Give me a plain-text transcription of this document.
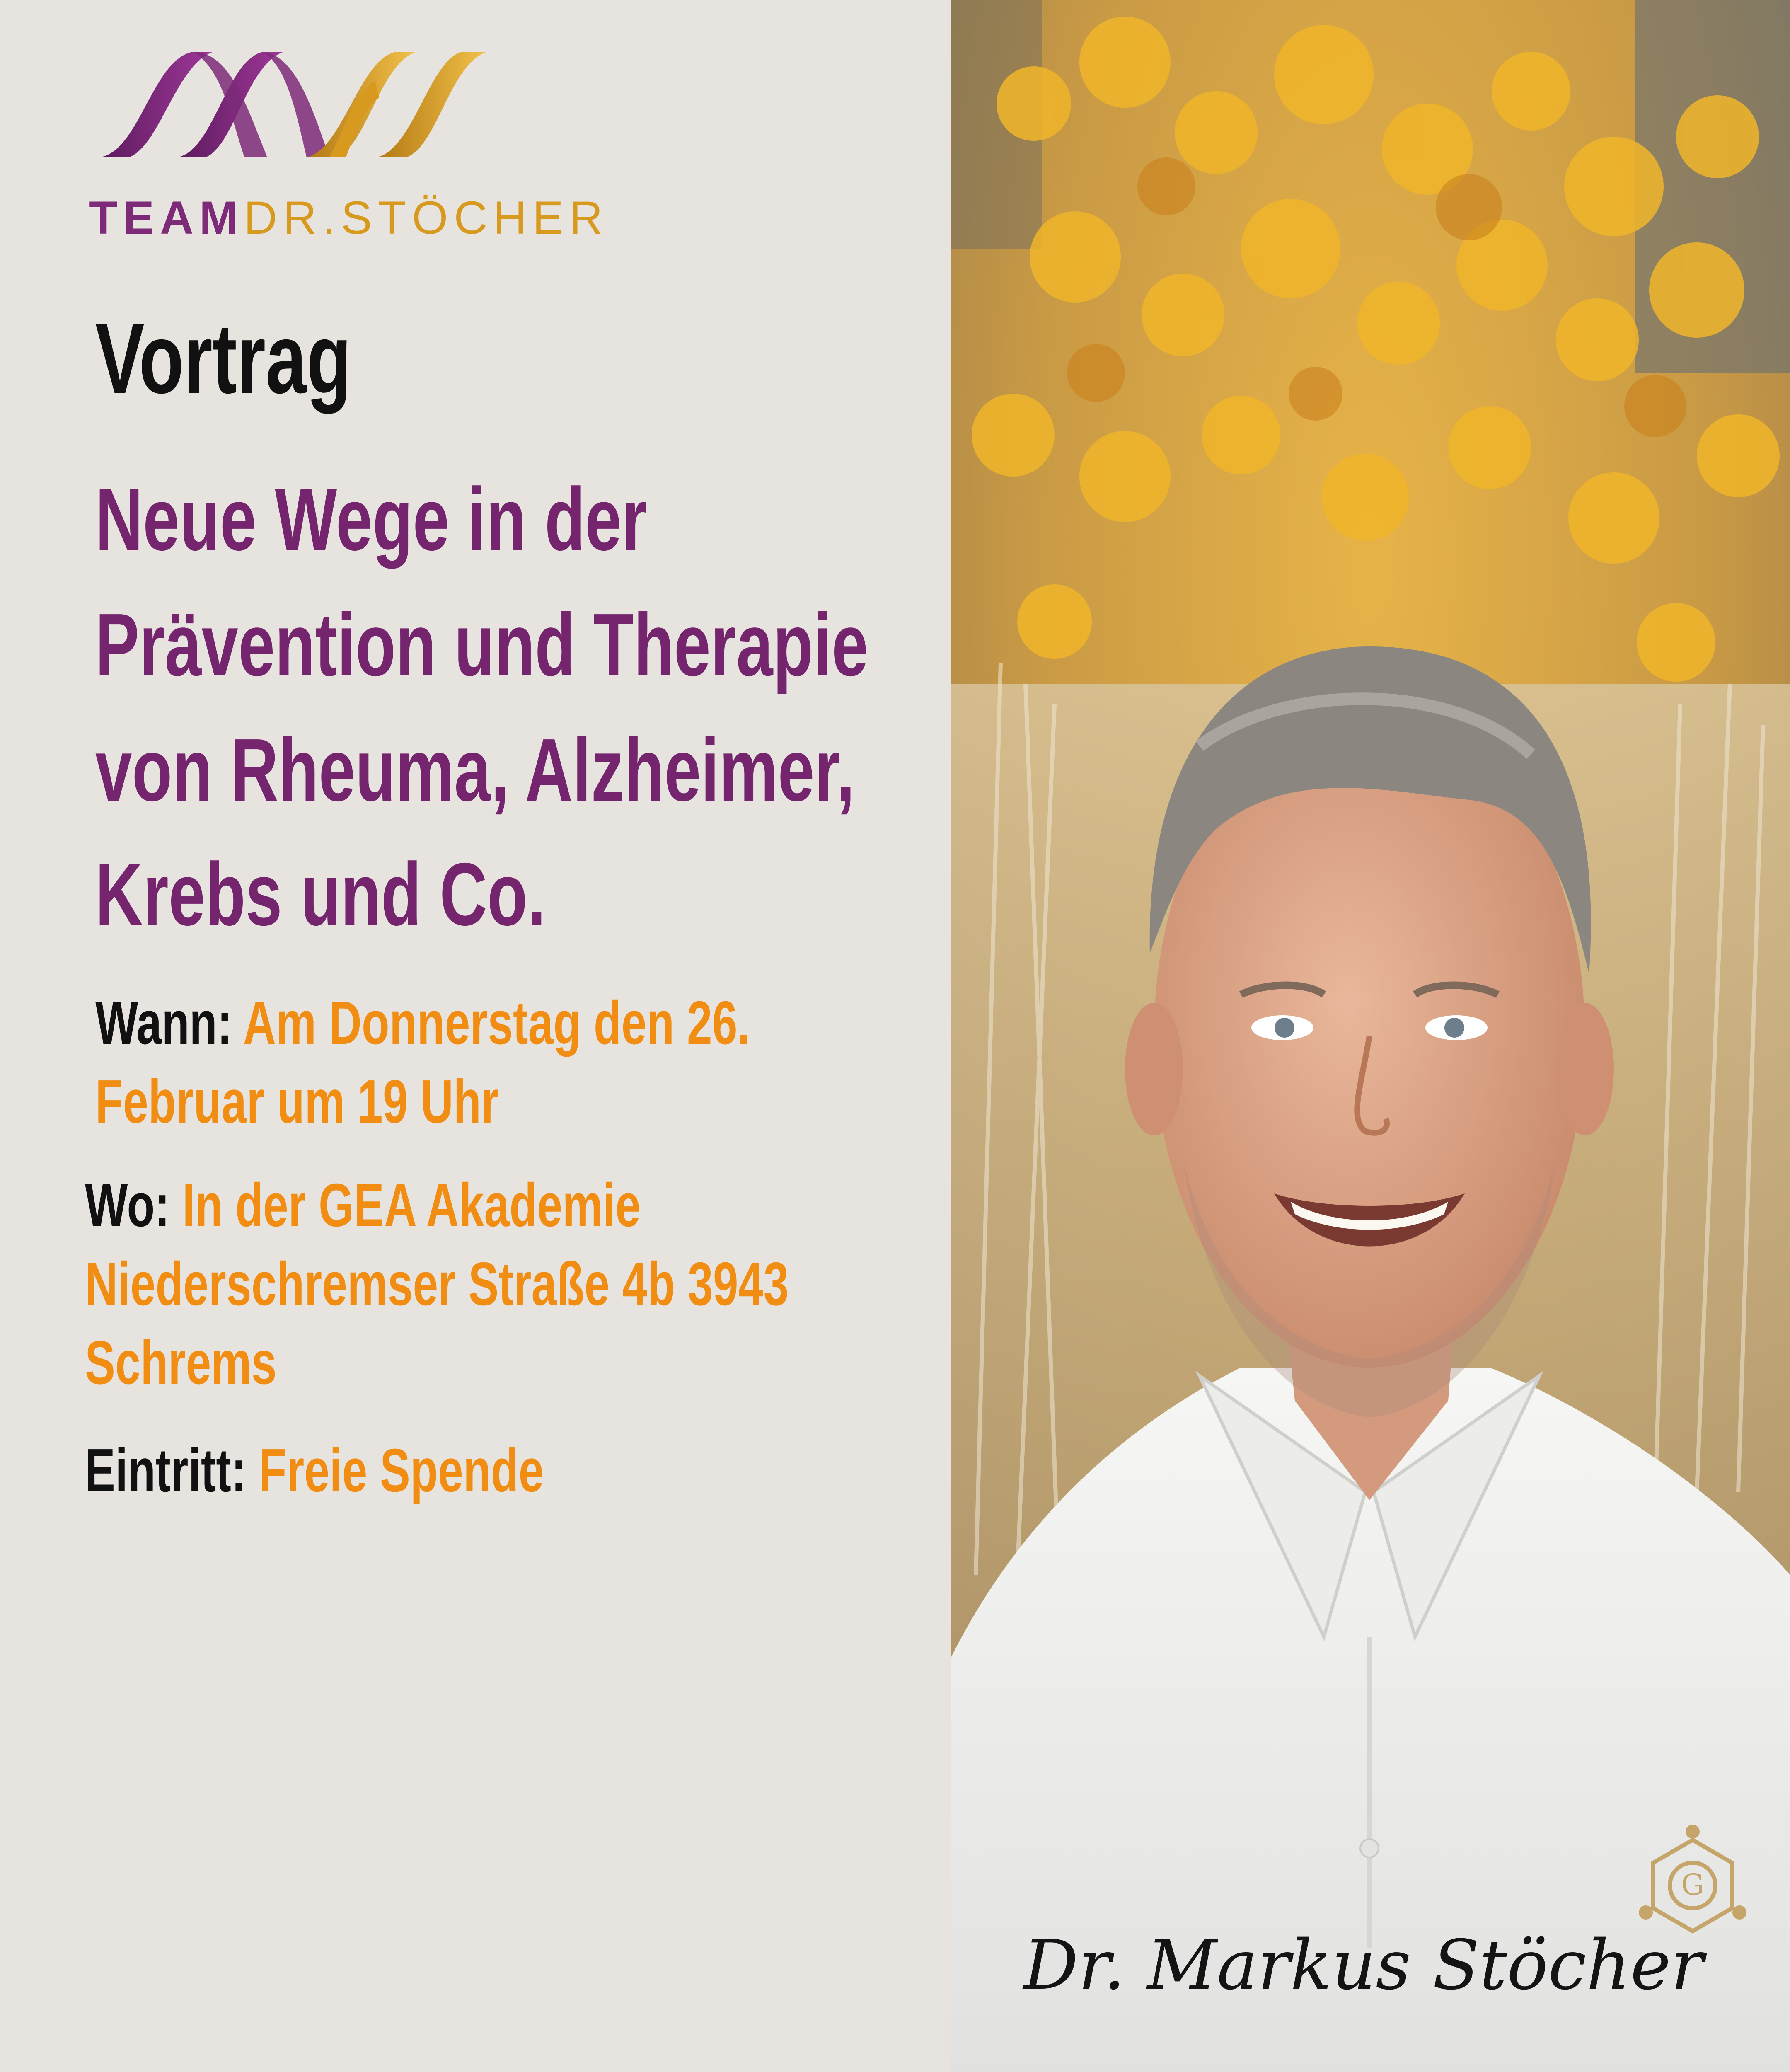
TEAMDR.STÖCHER
Vortrag
Neue Wege in der
Prävention und Therapie
von Rheuma, Alzheimer,
Krebs und Co.
Wann: Am Donnerstag den 26.
Februar um 19 Uhr
Wo: In der GEA Akademie
Niederschremser Straße 4b 3943
Schrems
Eintritt: Freie Spende
G
Dr. Markus Stöcher
